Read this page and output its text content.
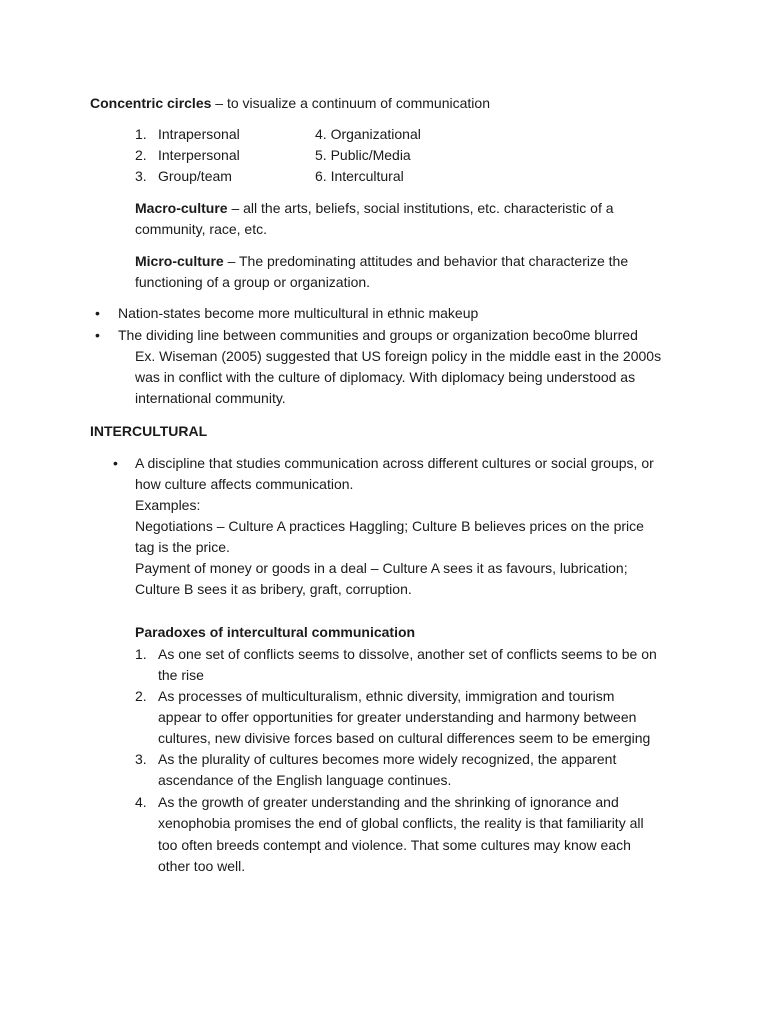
Concentric circles – to visualize a continuum of communication
1. Intrapersonal
2. Interpersonal
3. Group/team
4. Organizational
5. Public/Media
6. Intercultural
Macro-culture – all the arts, beliefs, social institutions, etc. characteristic of a
community, race, etc.
Micro-culture – The predominating attitudes and behavior that characterize the
functioning of a group or organization.
• Nation-states become more multicultural in ethnic makeup
• The dividing line between communities and groups or organization beco0me blurred
Ex. Wiseman (2005) suggested that US foreign policy in the middle east in the 2000s
was in conflict with the culture of diplomacy. With diplomacy being understood as
international community.
INTERCULTURAL
• A discipline that studies communication across different cultures or social groups, or
how culture affects communication.
Examples:
Negotiations – Culture A practices Haggling; Culture B believes prices on the price
tag is the price.
Payment of money or goods in a deal – Culture A sees it as favours, lubrication;
Culture B sees it as bribery, graft, corruption.
Paradoxes of intercultural communication
1. As one set of conflicts seems to dissolve, another set of conflicts seems to be on
the rise
2. As processes of multiculturalism, ethnic diversity, immigration and tourism
appear to offer opportunities for greater understanding and harmony between
cultures, new divisive forces based on cultural differences seem to be emerging
3. As the plurality of cultures becomes more widely recognized, the apparent
ascendance of the English language continues.
4. As the growth of greater understanding and the shrinking of ignorance and
xenophobia promises the end of global conflicts, the reality is that familiarity all
too often breeds contempt and violence. That some cultures may know each
other too well.
